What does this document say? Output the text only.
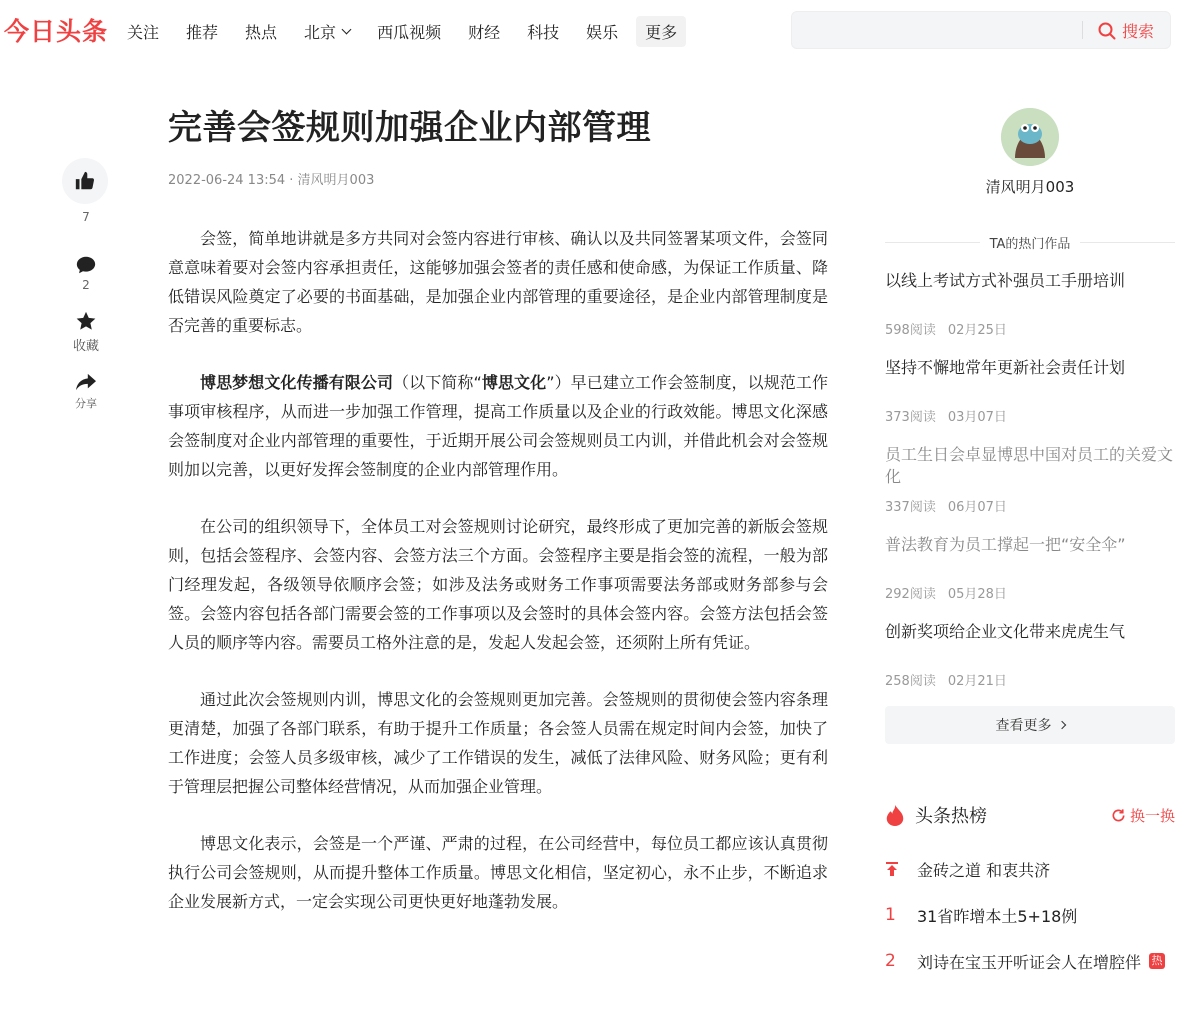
今日头条	关注	推荐	热点	北京	西瓜视频	财经	科技	娱乐	更多	搜索
7
2
收藏
分享
完善会签规则加强企业内部管理
2022-06-24 13:54 · 清风明月003

会签，简单地讲就是多方共同对会签内容进行审核、确认以及共同签署某项文件，会签同意意味着要对会签内容承担责任，这能够加强会签者的责任感和使命感，为保证工作质量、降低错误风险奠定了必要的书面基础，是加强企业内部管理的重要途径，是企业内部管理制度是否完善的重要标志。

博思梦想文化传播有限公司（以下简称“博思文化”）早已建立工作会签制度，以规范工作事项审核程序，从而进一步加强工作管理，提高工作质量以及企业的行政效能。博思文化深感会签制度对企业内部管理的重要性，于近期开展公司会签规则员工内训，并借此机会对会签规则加以完善，以更好发挥会签制度的企业内部管理作用。

在公司的组织领导下，全体员工对会签规则讨论研究，最终形成了更加完善的新版会签规则，包括会签程序、会签内容、会签方法三个方面。会签程序主要是指会签的流程，一般为部门经理发起，各级领导依顺序会签；如涉及法务或财务工作事项需要法务部或财务部参与会签。会签内容包括各部门需要会签的工作事项以及会签时的具体会签内容。会签方法包括会签人员的顺序等内容。需要员工格外注意的是，发起人发起会签，还须附上所有凭证。

通过此次会签规则内训，博思文化的会签规则更加完善。会签规则的贯彻使会签内容条理更清楚，加强了各部门联系，有助于提升工作质量；各会签人员需在规定时间内会签，加快了工作进度；会签人员多级审核，减少了工作错误的发生，减低了法律风险、财务风险；更有利于管理层把握公司整体经营情况，从而加强企业管理。

博思文化表示，会签是一个严谨、严肃的过程，在公司经营中，每位员工都应该认真贯彻执行公司会签规则，从而提升整体工作质量。博思文化相信，坚定初心，永不止步，不断追求企业发展新方式，一定会实现公司更快更好地蓬勃发展。

清风明月003
TA的热门作品
以线上考试方式补强员工手册培训
598阅读 02月25日
坚持不懈地常年更新社会责任计划
373阅读 03月07日
员工生日会卓显博思中国对员工的关爱文化
337阅读 06月07日
普法教育为员工撑起一把“安全伞”
292阅读 05月28日
创新奖项给企业文化带来虎虎生气
258阅读 02月21日
查看更多
头条热榜	换一换
金砖之道 和衷共济
1	31省昨增本土5+18例
2	刘诗在宝玉开听证会人在增腔伴 热
